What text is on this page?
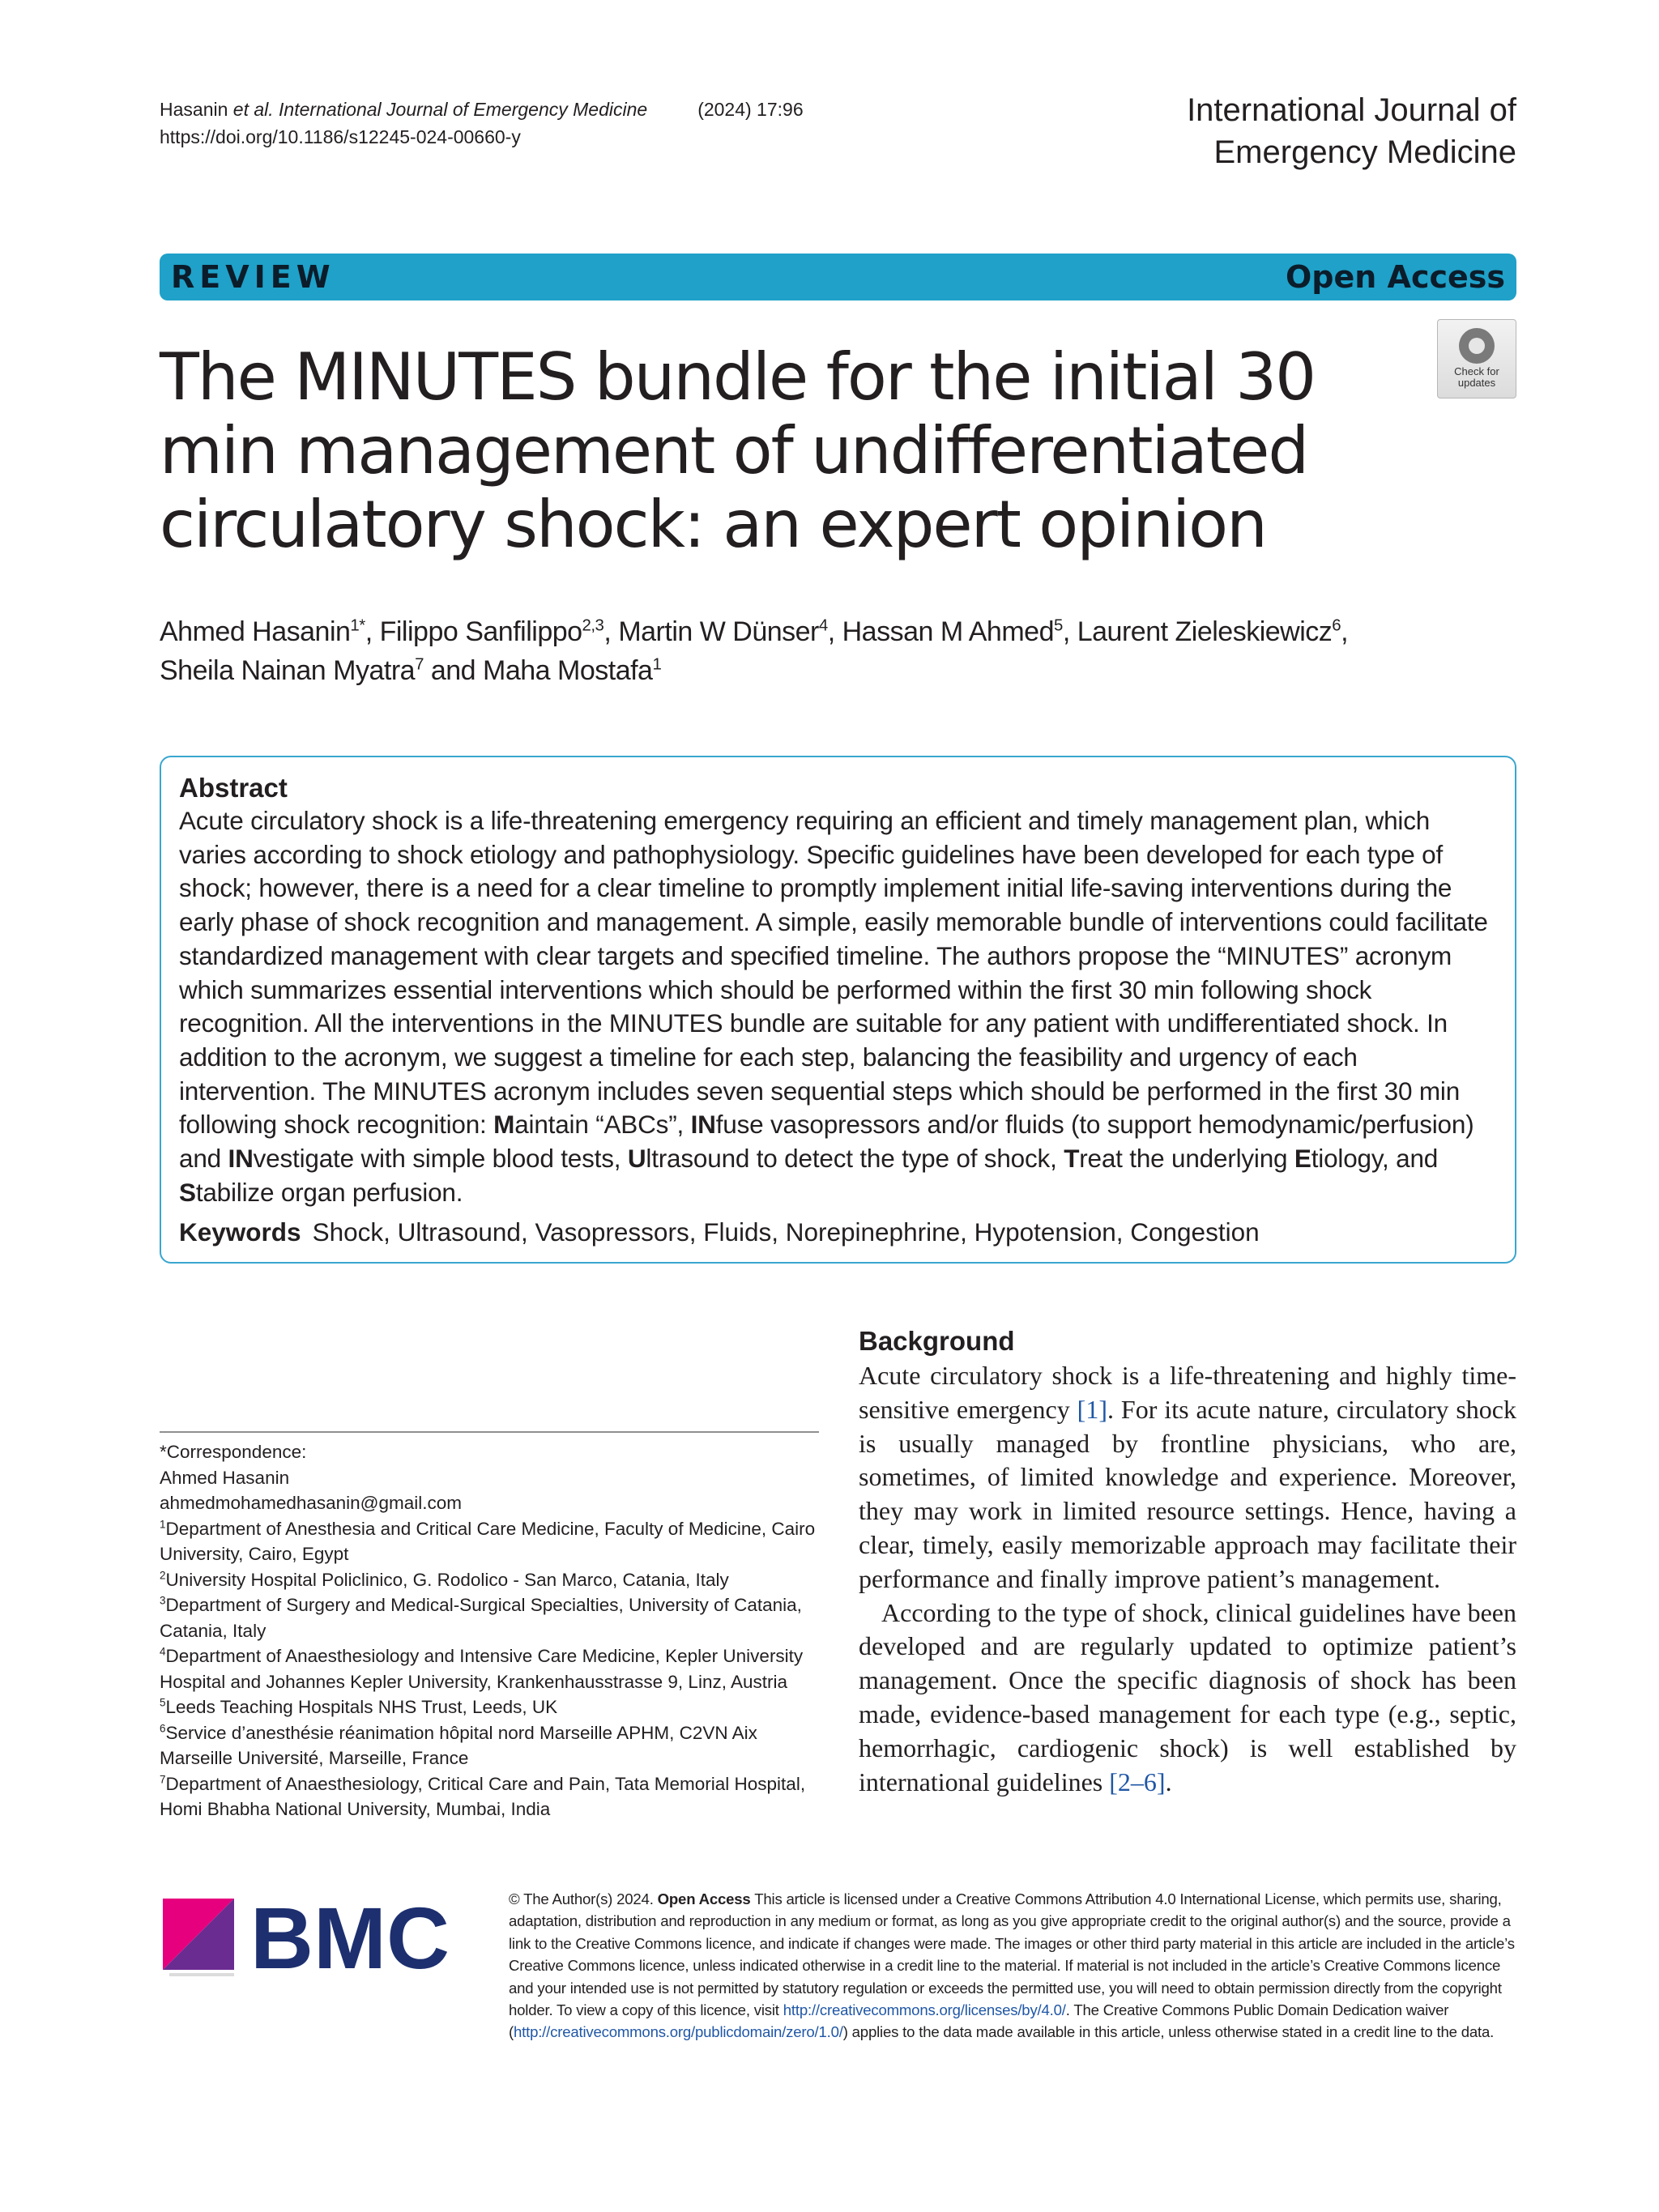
Hasanin et al. International Journal of Emergency Medicine	(2024) 17:96
https://doi.org/10.1186/s12245-024-00660-y
International Journal of
Emergency Medicine
REVIEW	Open Access
Check for
updates
The MINUTES bundle for the initial 30 min management of undifferentiated circulatory shock: an expert opinion
Ahmed Hasanin$^{1*}$, Filippo Sanfilippo$^{2,3}$, Martin W Dünser$^4$, Hassan M Ahmed$^5$, Laurent Zieleskiewicz$^6$,
Sheila Nainan Myatra$^7$ and Maha Mostafa$^1$
Abstract
Acute circulatory shock is a life-threatening emergency requiring an efficient and timely management plan, which varies according to shock etiology and pathophysiology. Specific guidelines have been developed for each type of shock; however, there is a need for a clear timeline to promptly implement initial life-saving interventions during the early phase of shock recognition and management. A simple, easily memorable bundle of interventions could facilitate standardized management with clear targets and specified timeline. The authors propose the “MINUTES” acronym which summarizes essential interventions which should be performed within the first 30 min following shock recognition. All the interventions in the MINUTES bundle are suitable for any patient with undifferentiated shock. In addition to the acronym, we suggest a timeline for each step, balancing the feasibility and urgency of each intervention. The MINUTES acronym includes seven sequential steps which should be performed in the first 30 min following shock recognition: Maintain “ABCs”, INfuse vasopressors and/or fluids (to support hemodynamic/perfusion) and INvestigate with simple blood tests, Ultrasound to detect the type of shock, Treat the underlying Etiology, and Stabilize organ perfusion.
Keywords Shock, Ultrasound, Vasopressors, Fluids, Norepinephrine, Hypotension, Congestion

*Correspondence:

Ahmed Hasanin

ahmedmohamedhasanin@gmail.com

$^1$Department of Anesthesia and Critical Care Medicine, Faculty of Medicine, Cairo University, Cairo, Egypt

$^2$University Hospital Policlinico, G. Rodolico - San Marco, Catania, Italy

$^3$Department of Surgery and Medical-Surgical Specialties, University of Catania, Catania, Italy

$^4$Department of Anaesthesiology and Intensive Care Medicine, Kepler University Hospital and Johannes Kepler University, Krankenhausstrasse 9, Linz, Austria

$^5$Leeds Teaching Hospitals NHS Trust, Leeds, UK

$^6$Service d’anesthésie réanimation hôpital nord Marseille APHM, C2VN Aix Marseille Université, Marseille, France

$^7$Department of Anaesthesiology, Critical Care and Pain, Tata Memorial Hospital, Homi Bhabha National University, Mumbai, India

Background

Acute circulatory shock is a life-threatening and highly time-sensitive emergency [1]. For its acute nature, circulatory shock is usually managed by frontline physicians, who are, sometimes, of limited knowledge and experience. Moreover, they may work in limited resource settings. Hence, having a clear, timely, easily memorizable approach may facilitate their performance and finally improve patient’s management.

According to the type of shock, clinical guidelines have been developed and are regularly updated to optimize patient’s management. Once the specific diagnosis of shock has been made, evidence-based management for each type (e.g., septic, hemorrhagic, cardiogenic shock) is well established by international guidelines [2–6].

BMC	© The Author(s) 2024. Open Access This article is licensed under a Creative Commons Attribution 4.0 International License, which permits use, sharing, adaptation, distribution and reproduction in any medium or format, as long as you give appropriate credit to the original author(s) and the source, provide a link to the Creative Commons licence, and indicate if changes were made. The images or other third party material in this article are included in the article’s Creative Commons licence, unless indicated otherwise in a credit line to the material. If material is not included in the article’s Creative Commons licence and your intended use is not permitted by statutory regulation or exceeds the permitted use, you will need to obtain permission directly from the copyright holder. To view a copy of this licence, visit http://creativecommons.org/licenses/by/4.0/. The Creative Commons Public Domain Dedication waiver (http://creativecommons.org/publicdomain/zero/1.0/) applies to the data made available in this article, unless otherwise stated in a credit line to the data.
